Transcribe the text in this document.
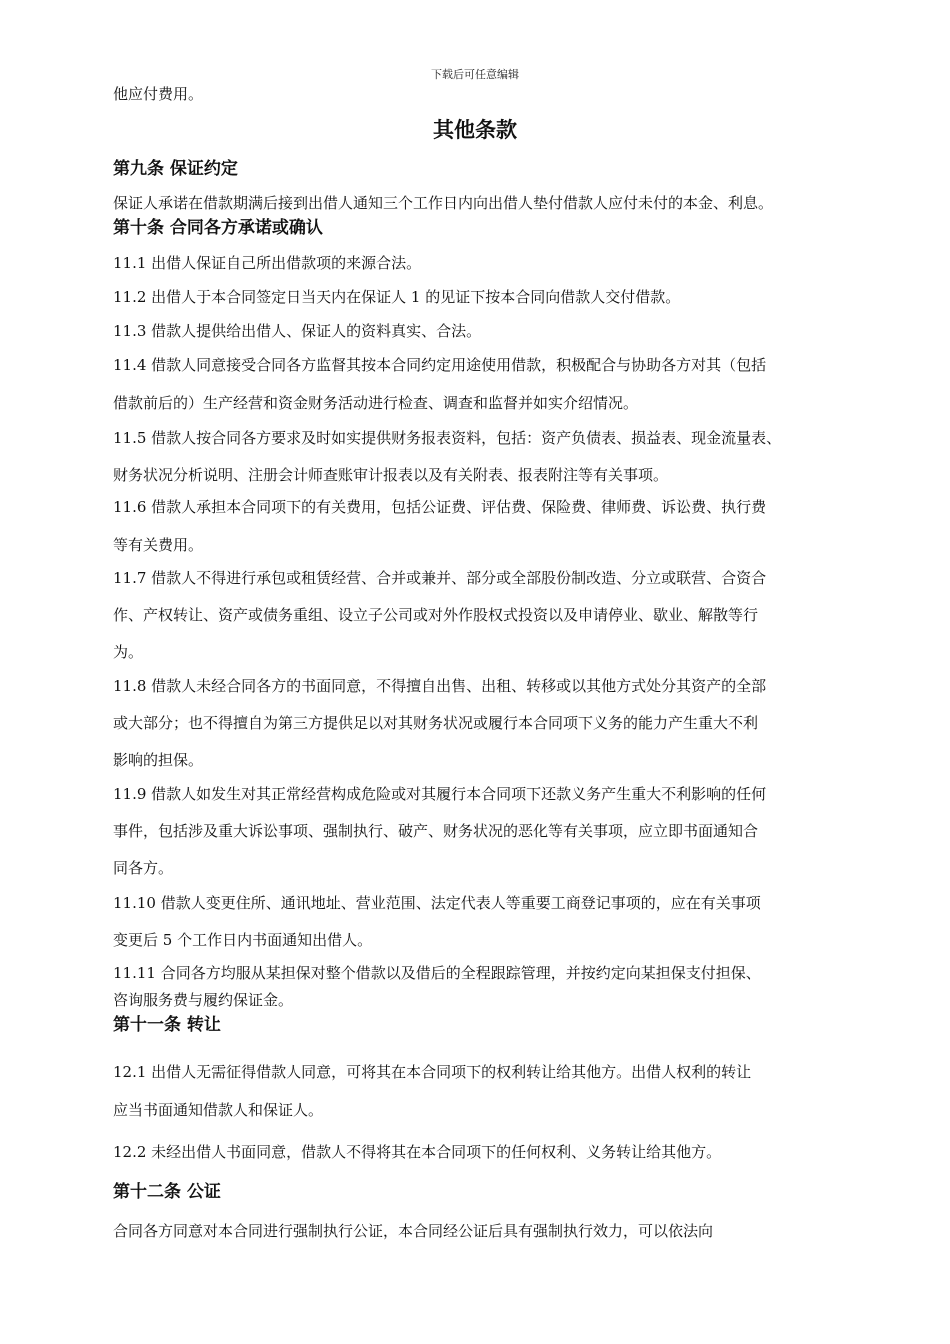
下载后可任意编辑
其他条款
他应付费用。
第九条 保证约定
保证人承诺在借款期满后接到出借人通知三个工作日内向出借人垫付借款人应付未付的本金、利息。
第十条 合同各方承诺或确认
11.1 出借人保证自己所出借款项的来源合法。
11.2 出借人于本合同签定日当天内在保证人 1 的见证下按本合同向借款人交付借款。
11.3 借款人提供给出借人、保证人的资料真实、合法。
11.4 借款人同意接受合同各方监督其按本合同约定用途使用借款，积极配合与协助各方对其（包括
借款前后的）生产经营和资金财务活动进行检查、调查和监督并如实介绍情况。
11.5 借款人按合同各方要求及时如实提供财务报表资料，包括：资产负债表、损益表、现金流量表、
财务状况分析说明、注册会计师查账审计报表以及有关附表、报表附注等有关事项。
11.6 借款人承担本合同项下的有关费用，包括公证费、评估费、保险费、律师费、诉讼费、执行费
等有关费用。
11.7 借款人不得进行承包或租赁经营、合并或兼并、部分或全部股份制改造、分立或联营、合资合
作、产权转让、资产或债务重组、设立子公司或对外作股权式投资以及申请停业、歇业、解散等行
为。
11.8 借款人未经合同各方的书面同意，不得擅自出售、出租、转移或以其他方式处分其资产的全部
或大部分；也不得擅自为第三方提供足以对其财务状况或履行本合同项下义务的能力产生重大不利
影响的担保。
11.9 借款人如发生对其正常经营构成危险或对其履行本合同项下还款义务产生重大不利影响的任何
事件，包括涉及重大诉讼事项、强制执行、破产、财务状况的恶化等有关事项，应立即书面通知合
同各方。
11.10 借款人变更住所、通讯地址、营业范围、法定代表人等重要工商登记事项的，应在有关事项
变更后 5 个工作日内书面通知出借人。
11.11 合同各方均服从某担保对整个借款以及借后的全程跟踪管理，并按约定向某担保支付担保、
咨询服务费与履约保证金。
第十一条 转让
12.1 出借人无需征得借款人同意，可将其在本合同项下的权利转让给其他方。出借人权利的转让
应当书面通知借款人和保证人。
12.2 未经出借人书面同意，借款人不得将其在本合同项下的任何权利、义务转让给其他方。
第十二条 公证
合同各方同意对本合同进行强制执行公证，本合同经公证后具有强制执行效力，可以依法向
